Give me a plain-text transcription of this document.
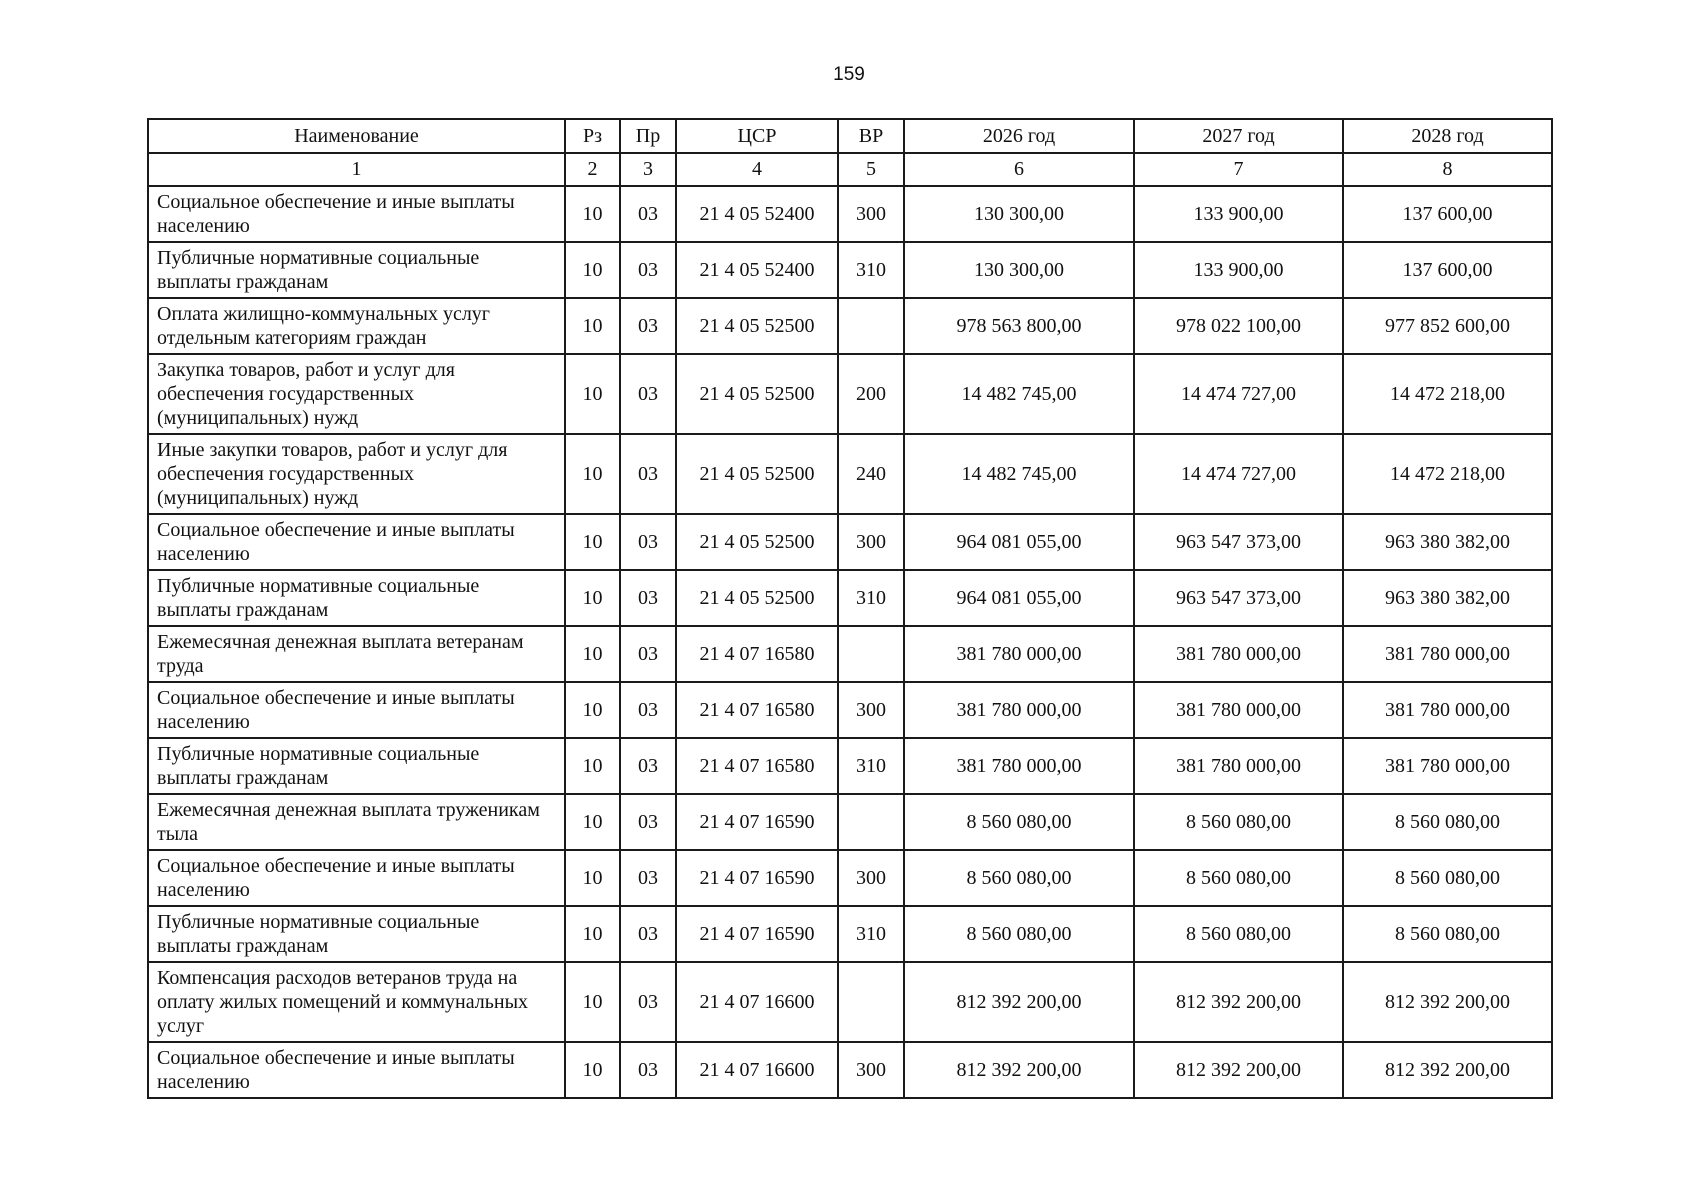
159
Наименование	Рз	Пр	ЦСР	ВР	2026 год	2027 год	2028 год
1	2	3	4	5	6	7	8
Социальное обеспечение и иные выплаты населению	10	03	21 4 05 52400	300	130 300,00	133 900,00	137 600,00
Публичные нормативные социальные выплаты гражданам	10	03	21 4 05 52400	310	130 300,00	133 900,00	137 600,00
Оплата жилищно-коммунальных услуг отдельным категориям граждан	10	03	21 4 05 52500		978 563 800,00	978 022 100,00	977 852 600,00
Закупка товаров, работ и услуг для обеспечения государственных (муниципальных) нужд	10	03	21 4 05 52500	200	14 482 745,00	14 474 727,00	14 472 218,00
Иные закупки товаров, работ и услуг для обеспечения государственных (муниципальных) нужд	10	03	21 4 05 52500	240	14 482 745,00	14 474 727,00	14 472 218,00
Социальное обеспечение и иные выплаты населению	10	03	21 4 05 52500	300	964 081 055,00	963 547 373,00	963 380 382,00
Публичные нормативные социальные выплаты гражданам	10	03	21 4 05 52500	310	964 081 055,00	963 547 373,00	963 380 382,00
Ежемесячная денежная выплата ветеранам труда	10	03	21 4 07 16580		381 780 000,00	381 780 000,00	381 780 000,00
Социальное обеспечение и иные выплаты населению	10	03	21 4 07 16580	300	381 780 000,00	381 780 000,00	381 780 000,00
Публичные нормативные социальные выплаты гражданам	10	03	21 4 07 16580	310	381 780 000,00	381 780 000,00	381 780 000,00
Ежемесячная денежная выплата труженикам тыла	10	03	21 4 07 16590		8 560 080,00	8 560 080,00	8 560 080,00
Социальное обеспечение и иные выплаты населению	10	03	21 4 07 16590	300	8 560 080,00	8 560 080,00	8 560 080,00
Публичные нормативные социальные выплаты гражданам	10	03	21 4 07 16590	310	8 560 080,00	8 560 080,00	8 560 080,00
Компенсация расходов ветеранов труда на оплату жилых помещений и коммунальных услуг	10	03	21 4 07 16600		812 392 200,00	812 392 200,00	812 392 200,00
Социальное обеспечение и иные выплаты населению	10	03	21 4 07 16600	300	812 392 200,00	812 392 200,00	812 392 200,00
